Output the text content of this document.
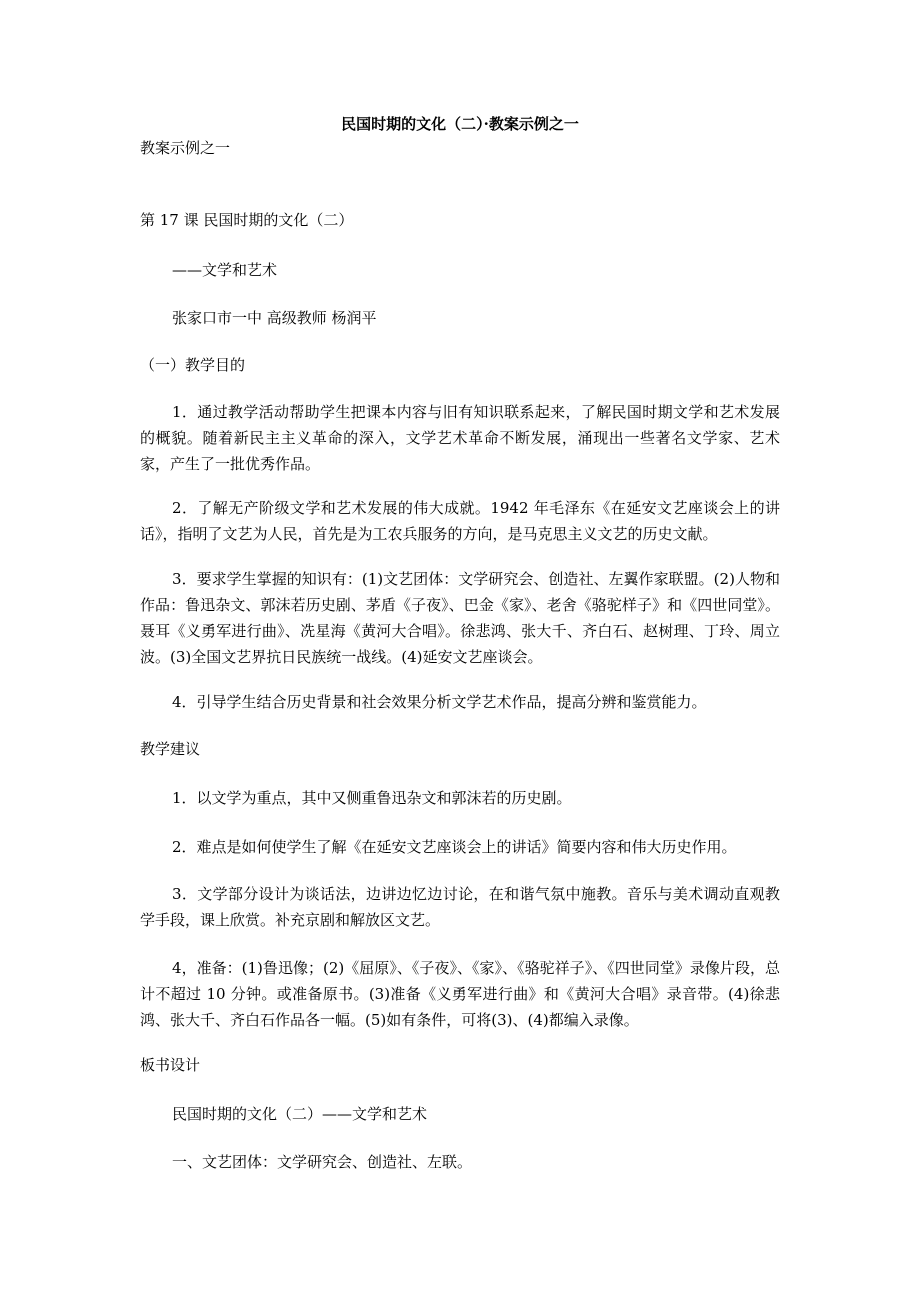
民国时期的文化（二）·教案示例之一
教案示例之一
第 17 课 民国时期的文化（二）
——文学和艺术
张家口市一中 高级教师 杨润平
（一）教学目的
1．通过教学活动帮助学生把课本内容与旧有知识联系起来，了解民国时期文学和艺术发展的概貌。随着新民主主义革命的深入，文学艺术革命不断发展，涌现出一些著名文学家、艺术家，产生了一批优秀作品。
2．了解无产阶级文学和艺术发展的伟大成就。1942 年毛泽东《在延安文艺座谈会上的讲话》，指明了文艺为人民，首先是为工农兵服务的方向，是马克思主义文艺的历史文献。
3．要求学生掌握的知识有：(1)文艺团体：文学研究会、创造社、左翼作家联盟。(2)人物和作品：鲁迅杂文、郭沫若历史剧、茅盾《子夜》、巴金《家》、老舍《骆驼样子》和《四世同堂》。聂耳《义勇军进行曲》、冼星海《黄河大合唱》。徐悲鸿、张大千、齐白石、赵树理、丁玲、周立波。(3)全国文艺界抗日民族统一战线。(4)延安文艺座谈会。
4．引导学生结合历史背景和社会效果分析文学艺术作品，提高分辨和鉴赏能力。
教学建议
1．以文学为重点，其中又侧重鲁迅杂文和郭沫若的历史剧。
2．难点是如何使学生了解《在延安文艺座谈会上的讲话》简要内容和伟大历史作用。
3．文学部分设计为谈话法，边讲边忆边讨论，在和谐气氛中施教。音乐与美术调动直观教学手段，课上欣赏。补充京剧和解放区文艺。
4，准备：(1)鲁迅像；(2)《屈原》、《子夜》、《家》、《骆驼祥子》、《四世同堂》录像片段，总计不超过 10 分钟。或准备原书。(3)准备《义勇军进行曲》和《黄河大合唱》录音带。(4)徐悲鸿、张大千、齐白石作品各一幅。(5)如有条件，可将(3)、(4)都编入录像。
板书设计
民国时期的文化（二）——文学和艺术
一、文艺团体：文学研究会、创造社、左联。
